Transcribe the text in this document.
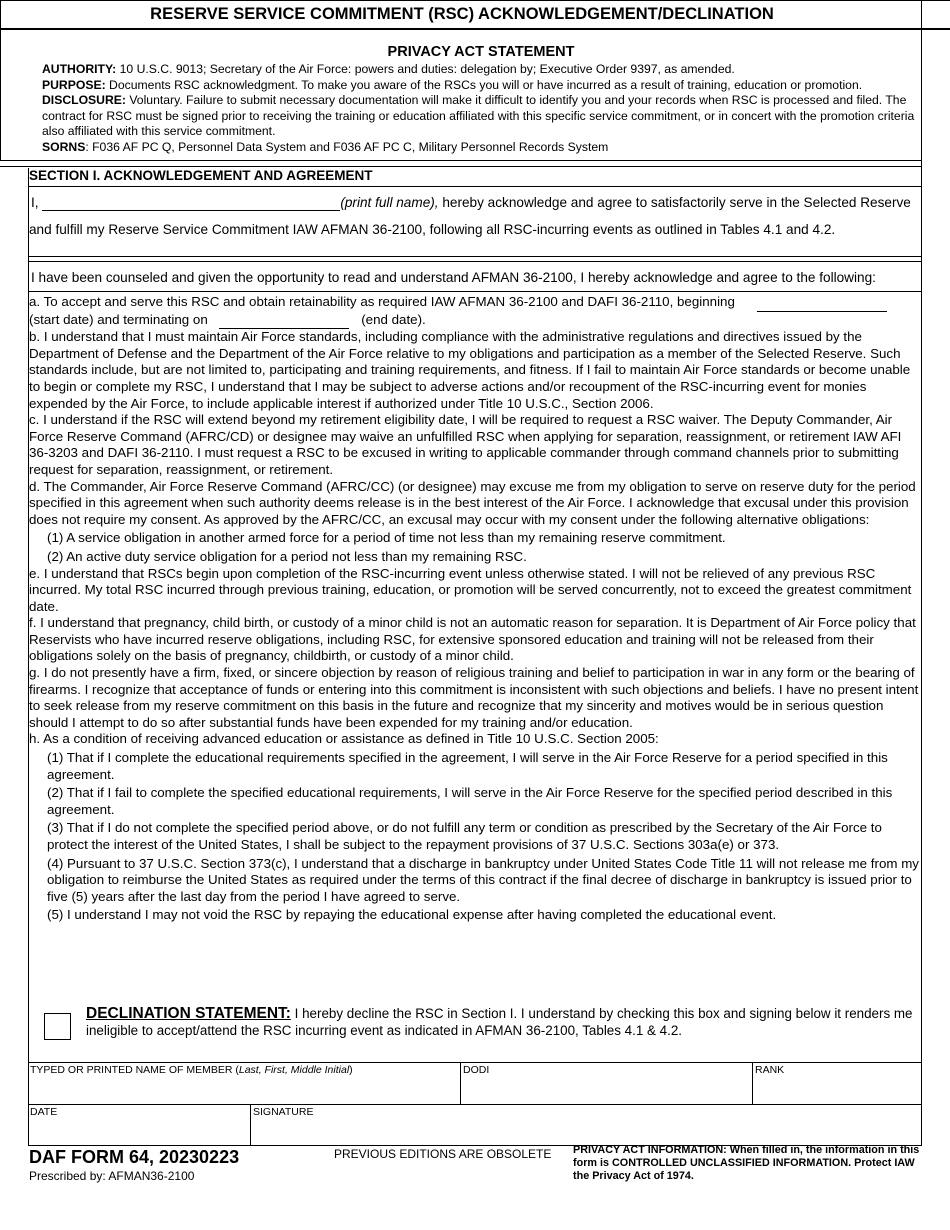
RESERVE SERVICE COMMITMENT (RSC) ACKNOWLEDGEMENT/DECLINATION
PRIVACY ACT STATEMENT
AUTHORITY: 10 U.S.C. 9013; Secretary of the Air Force: powers and duties: delegation by; Executive Order 9397, as amended.
PURPOSE: Documents RSC acknowledgment. To make you aware of the RSCs you will or have incurred as a result of training, education or promotion.
DISCLOSURE: Voluntary. Failure to submit necessary documentation will make it difficult to identify you and your records when RSC is processed and filed. The contract for RSC must be signed prior to receiving the training or education affiliated with this specific service commitment, or in concert with the promotion criteria also affiliated with this service commitment.
SORNS: F036 AF PC Q, Personnel Data System and F036 AF PC C, Military Personnel Records System
SECTION I. ACKNOWLEDGEMENT AND AGREEMENT
I,	(print full name), hereby acknowledge and agree to satisfactorily serve in the Selected Reserve
and fulfill my Reserve Service Commitment IAW AFMAN 36-2100, following all RSC-incurring events as outlined in Tables 4.1 and 4.2.
I have been counseled and given the opportunity to read and understand AFMAN 36-2100, I hereby acknowledge and agree to the following:

a. To accept and serve this RSC and obtain retainability as required IAW AFMAN 36-2100 and DAFI 36-2110, beginning

(start date) and terminating on	(end date).

b. I understand that I must maintain Air Force standards, including compliance with the administrative regulations and directives issued by the Department of Defense and the Department of the Air Force relative to my obligations and participation as a member of the Selected Reserve. Such standards include, but are not limited to, participating and training requirements, and fitness. If I fail to maintain Air Force standards or become unable to begin or complete my RSC, I understand that I may be subject to adverse actions and/or recoupment of the RSC-incurring event for monies expended by the Air Force, to include applicable interest if authorized under Title 10 U.S.C., Section 2006.

c. I understand if the RSC will extend beyond my retirement eligibility date, I will be required to request a RSC waiver. The Deputy Commander, Air Force Reserve Command (AFRC/CD) or designee may waive an unfulfilled RSC when applying for separation, reassignment, or retirement IAW AFI 36-3203 and DAFI 36-2110. I must request a RSC to be excused in writing to applicable commander through command channels prior to submitting request for separation, reassignment, or retirement.

d. The Commander, Air Force Reserve Command (AFRC/CC) (or designee) may excuse me from my obligation to serve on reserve duty for the period specified in this agreement when such authority deems release is in the best interest of the Air Force. I acknowledge that excusal under this provision does not require my consent. As approved by the AFRC/CC, an excusal may occur with my consent under the following alternative obligations:

(1) A service obligation in another armed force for a period of time not less than my remaining reserve commitment.

(2) An active duty service obligation for a period not less than my remaining RSC.

e. I understand that RSCs begin upon completion of the RSC-incurring event unless otherwise stated. I will not be relieved of any previous RSC incurred. My total RSC incurred through previous training, education, or promotion will be served concurrently, not to exceed the greatest commitment date.

f. I understand that pregnancy, child birth, or custody of a minor child is not an automatic reason for separation. It is Department of Air Force policy that Reservists who have incurred reserve obligations, including RSC, for extensive sponsored education and training will not be released from their obligations solely on the basis of pregnancy, childbirth, or custody of a minor child.

g. I do not presently have a firm, fixed, or sincere objection by reason of religious training and belief to participation in war in any form or the bearing of firearms. I recognize that acceptance of funds or entering into this commitment is inconsistent with such objections and beliefs. I have no present intent to seek release from my reserve commitment on this basis in the future and recognize that my sincerity and motives would be in serious question should I attempt to do so after substantial funds have been expended for my training and/or education.

h. As a condition of receiving advanced education or assistance as defined in Title 10 U.S.C. Section 2005:

(1) That if I complete the educational requirements specified in the agreement, I will serve in the Air Force Reserve for a period specified in this agreement.

(2) That if I fail to complete the specified educational requirements, I will serve in the Air Force Reserve for the specified period described in this agreement.

(3) That if I do not complete the specified period above, or do not fulfill any term or condition as prescribed by the Secretary of the Air Force to protect the interest of the United States, I shall be subject to the repayment provisions of 37 U.S.C. Sections 303a(e) or 373.

(4) Pursuant to 37 U.S.C. Section 373(c), I understand that a discharge in bankruptcy under United States Code Title 11 will not release me from my obligation to reimburse the United States as required under the terms of this contract if the final decree of discharge in bankruptcy is issued prior to five (5) years after the last day from the period I have agreed to serve.

(5) I understand I may not void the RSC by repaying the educational expense after having completed the educational event.

DECLINATION STATEMENT: I hereby decline the RSC in Section I. I understand by checking this box and signing below it renders me ineligible to accept/attend the RSC incurring event as indicated in AFMAN 36-2100, Tables 4.1 & 4.2.
TYPED OR PRINTED NAME OF MEMBER (Last, First, Middle Initial)	DODI	RANK
DATE	SIGNATURE
DAF FORM 64, 20230223
Prescribed by: AFMAN36-2100
PREVIOUS EDITIONS ARE OBSOLETE PRIVACY ACT INFORMATION: When filled in, the information in this form is CONTROLLED UNCLASSIFIED INFORMATION. Protect IAW the Privacy Act of 1974.
